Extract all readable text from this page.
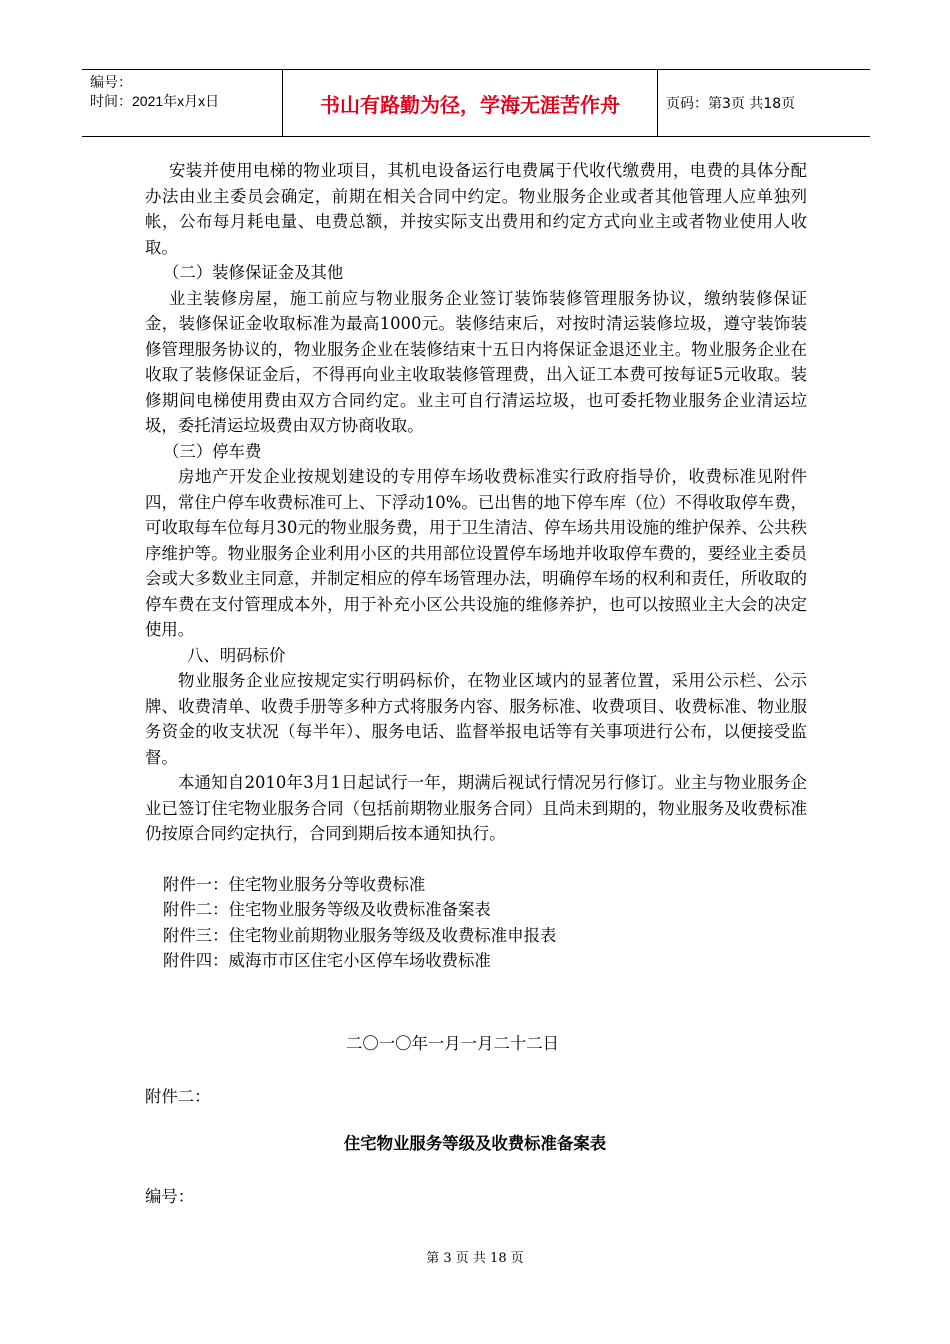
编号：
时间：2021年x月x日	书山有路勤为径，学海无涯苦作舟	页码：第3页 共18页

安装并使用电梯的物业项目，其机电设备运行电费属于代收代缴费用，电费的具体分配办法由业主委员会确定，前期在相关合同中约定。物业服务企业或者其他管理人应单独列帐，公布每月耗电量、电费总额，并按实际支出费用和约定方式向业主或者物业使用人收取。

（二）装修保证金及其他

业主装修房屋，施工前应与物业服务企业签订装饰装修管理服务协议，缴纳装修保证金，装修保证金收取标准为最高1000元。装修结束后，对按时清运装修垃圾，遵守装饰装修管理服务协议的，物业服务企业在装修结束十五日内将保证金退还业主。物业服务企业在收取了装修保证金后，不得再向业主收取装修管理费，出入证工本费可按每证5元收取。装修期间电梯使用费由双方合同约定。业主可自行清运垃圾，也可委托物业服务企业清运垃圾，委托清运垃圾费由双方协商收取。

（三）停车费

房地产开发企业按规划建设的专用停车场收费标准实行政府指导价，收费标准见附件四，常住户停车收费标准可上、下浮动10%。已出售的地下停车库（位）不得收取停车费，可收取每车位每月30元的物业服务费，用于卫生清洁、停车场共用设施的维护保养、公共秩序维护等。物业服务企业利用小区的共用部位设置停车场地并收取停车费的，要经业主委员会或大多数业主同意，并制定相应的停车场管理办法，明确停车场的权利和责任，所收取的停车费在支付管理成本外，用于补充小区公共设施的维修养护，也可以按照业主大会的决定使用。

八、明码标价

物业服务企业应按规定实行明码标价，在物业区域内的显著位置，采用公示栏、公示牌、收费清单、收费手册等多种方式将服务内容、服务标准、收费项目、收费标准、物业服务资金的收支状况（每半年）、服务电话、监督举报电话等有关事项进行公布，以便接受监督。

本通知自2010年3月1日起试行一年，期满后视试行情况另行修订。业主与物业服务企业已签订住宅物业服务合同（包括前期物业服务合同）且尚未到期的，物业服务及收费标准仍按原合同约定执行，合同到期后按本通知执行。

附件一：住宅物业服务分等收费标准

附件二：住宅物业服务等级及收费标准备案表

附件三：住宅物业前期物业服务等级及收费标准申报表

附件四：威海市市区住宅小区停车场收费标准

二〇一〇年一月一月二十二日
附件二：
住宅物业服务等级及收费标准备案表
编号：
第 3 页 共 18 页
